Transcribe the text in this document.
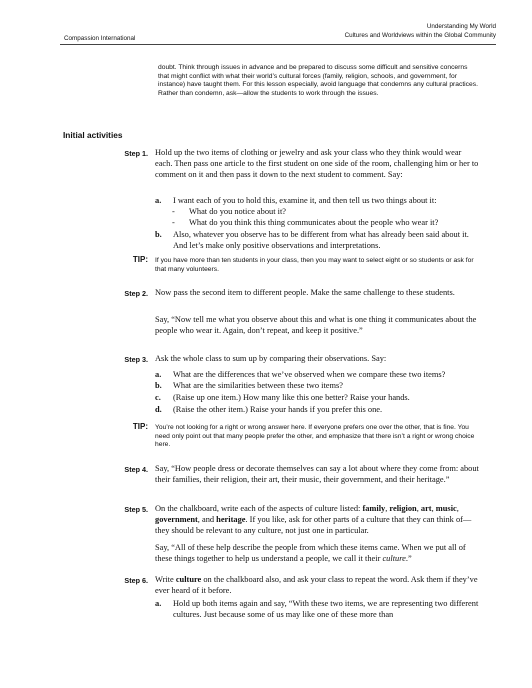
Compassion International
Understanding My World
Cultures and Worldviews within the Global Community
doubt. Think through issues in advance and be prepared to discuss some difficult and sensitive concerns that might conflict with what their world’s cultural forces (family, religion, schools, and government, for instance) have taught them. For this lesson especially, avoid language that condemns any cultural practices. Rather than condemn, ask—allow the students to work through the issues.
Initial activities
Step 1. Hold up the two items of clothing or jewelry and ask your class who they think would wear each. Then pass one article to the first student on one side of the room, challenging him or her to comment on it and then pass it down to the next student to comment. Say:
a. I want each of you to hold this, examine it, and then tell us two things about it:
- What do you notice about it?
- What do you think this thing communicates about the people who wear it?
b. Also, whatever you observe has to be different from what has already been said about it. And let’s make only positive observations and interpretations.
TIP: If you have more than ten students in your class, then you may want to select eight or so students or ask for that many volunteers.
Step 2. Now pass the second item to different people. Make the same challenge to these students.
Say, “Now tell me what you observe about this and what is one thing it communicates about the people who wear it. Again, don’t repeat, and keep it positive.”
Step 3. Ask the whole class to sum up by comparing their observations. Say:
a. What are the differences that we’ve observed when we compare these two items?
b. What are the similarities between these two items?
c. (Raise up one item.) How many like this one better? Raise your hands.
d. (Raise the other item.) Raise your hands if you prefer this one.
TIP: You’re not looking for a right or wrong answer here. If everyone prefers one over the other, that is fine. You need only point out that many people prefer the other, and emphasize that there isn’t a right or wrong choice here.
Step 4. Say, “How people dress or decorate themselves can say a lot about where they come from: about their families, their religion, their art, their music, their government, and their heritage.”
Step 5. On the chalkboard, write each of the aspects of culture listed: family, religion, art, music, government, and heritage. If you like, ask for other parts of a culture that they can think of—they should be relevant to any culture, not just one in particular.
Say, “All of these help describe the people from which these items came. When we put all of these things together to help us understand a people, we call it their culture.”
Step 6. Write culture on the chalkboard also, and ask your class to repeat the word. Ask them if they’ve ever heard of it before.
a. Hold up both items again and say, “With these two items, we are representing two different cultures. Just because some of us may like one of these more than
